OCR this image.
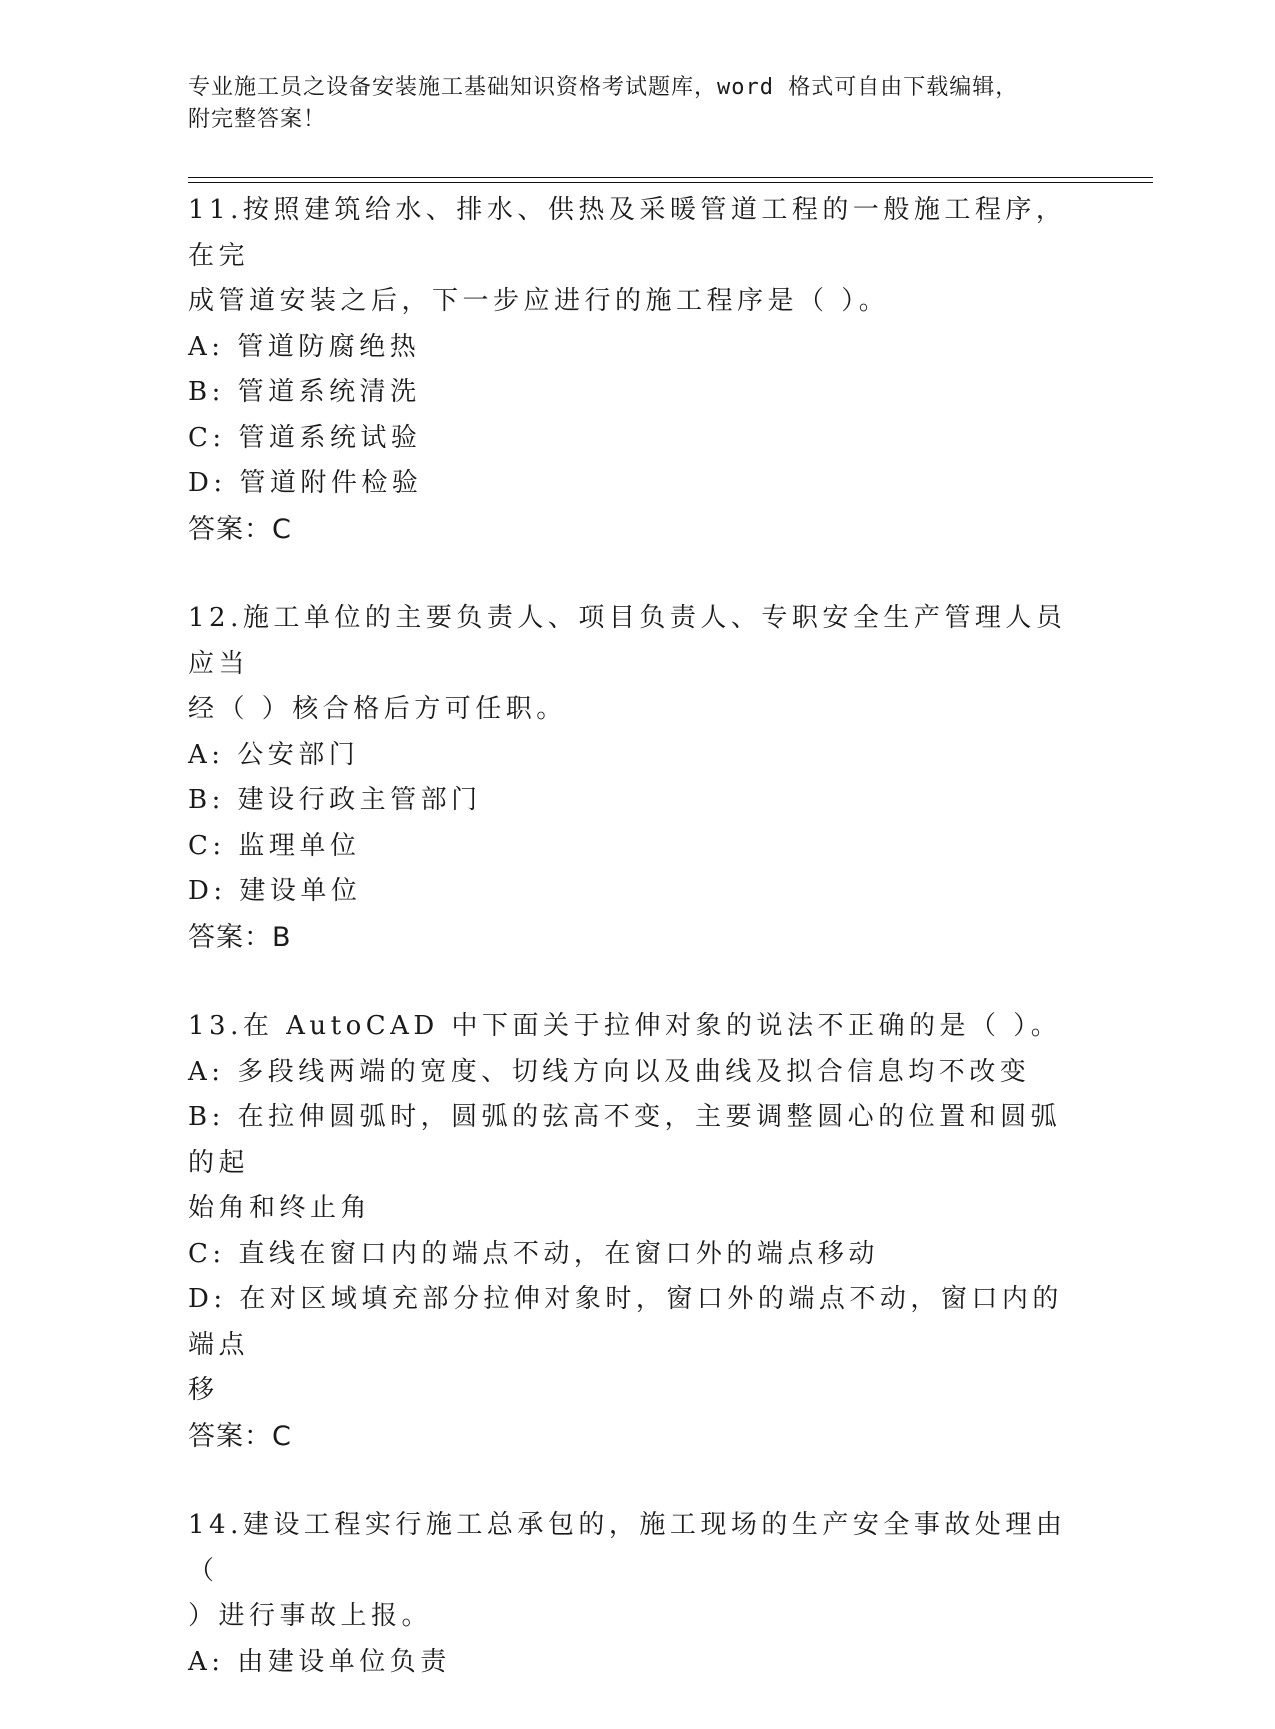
专业施工员之设备安装施工基础知识资格考试题库，word 格式可自由下载编辑，
附完整答案！
11.按照建筑给水、排水、供热及采暖管道工程的一般施工程序，在完
成管道安装之后，下一步应进行的施工程序是（ ）。
A: 管道防腐绝热
B: 管道系统清洗
C: 管道系统试验
D: 管道附件检验
答案：C
12.施工单位的主要负责人、项目负责人、专职安全生产管理人员应当
经（ ）核合格后方可任职。
A: 公安部门
B: 建设行政主管部门
C: 监理单位
D: 建设单位
答案：B
13.在 AutoCAD 中下面关于拉伸对象的说法不正确的是（ ）。
A: 多段线两端的宽度、切线方向以及曲线及拟合信息均不改变
B: 在拉伸圆弧时，圆弧的弦高不变，主要调整圆心的位置和圆弧的起
始角和终止角
C: 直线在窗口内的端点不动，在窗口外的端点移动
D: 在对区域填充部分拉伸对象时，窗口外的端点不动，窗口内的端点
移
答案：C
14.建设工程实行施工总承包的，施工现场的生产安全事故处理由（
）进行事故上报。
A: 由建设单位负责
